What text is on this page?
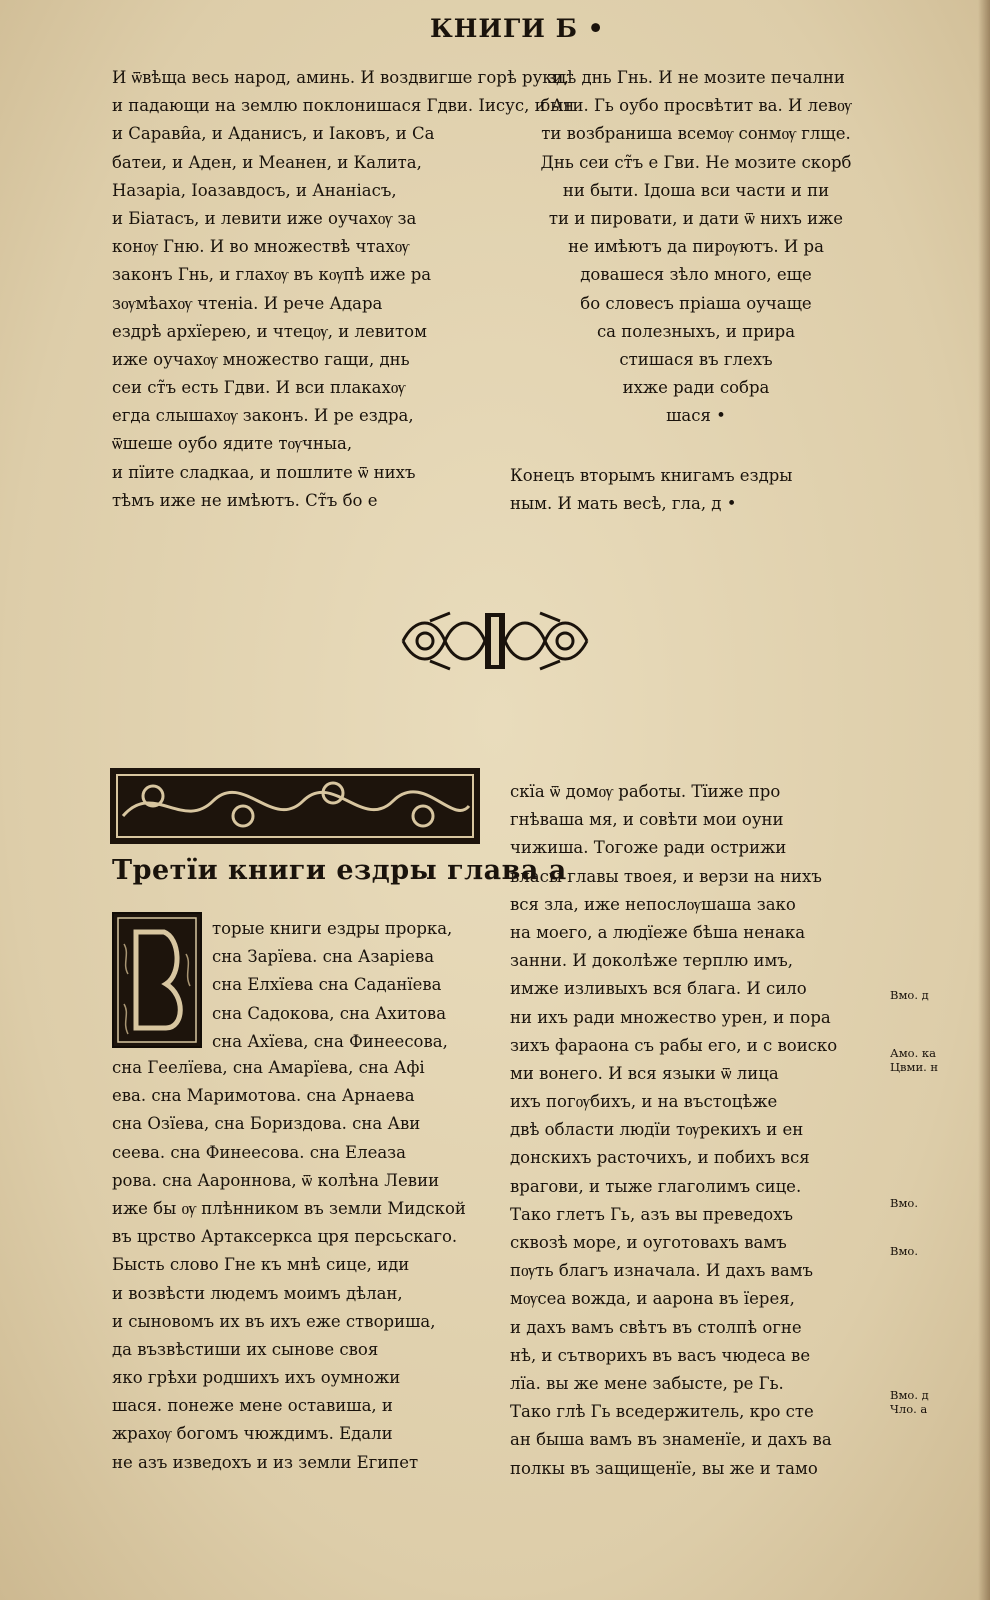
КНИГИ Б •
И ѿвѣща весь народ, аминь. И воздвигше горѣ руки,
и падающи на землю поклонишася Гдви. Іисус, и Ан
и Сарави̑а, и Аданисъ, и Іаковъ, и Са
батеи, и Аден, и Меанен, и Калита,
Назаріа, Іоазавдосъ, и Ананіасъ,
и Біатасъ, и левити иже оучахѹ за
конѹ Гню. И во множествѣ чтахѹ
законъ Гнь, и глахѹ въ кѹпѣ иже ра
зѹмѣахѹ чтеніа. И рече Адара
ездрѣ архїерею, и чтецѹ, и левитом
иже оучахѹ множество гащи, днь
сеи ст̃ъ есть Гдви. И вси плакахѹ
егда слышахѹ законъ. И ре ездра,
ѿшеше оубо ядите тѹчныа,
и пїите сладкаа, и пошлите ѿ нихъ
тѣмъ иже не имѣютъ. Ст̃ъ бо е
здѣ днь Гнь. И не мозите печални
быти. Гь оубо просвѣтит ва. И левѹ
ти возбраниша всемѹ сонмѹ глще.
Днь сеи ст̃ъ е Гви. Не мозите скорб
ни быти. Ідоша вси части и пи
ти и пировати, и дати ѿ нихъ иже
не имѣютъ да пирѹютъ. И ра
довашеся зѣло много, еще
бо словесъ пріаша оучаще
са полезныхъ, и прира
стишася въ глехъ
ихже ради собра
шася •
Конецъ вторымъ книгамъ ездры
ным. И мать весѣ, гла, д •
Третїи книги ездры глава а
торые книги ездры прорка,
сна Зарїева. сна Азаріева
сна Елхїева сна Саданїева
сна Садокова, сна Ахитова
сна Ахїева, сна Финеесова,
сна Геелїева, сна Амарїева, сна Афі
ева. сна Маримотова. сна Арнаева
сна Озїева, сна Бориздова. сна Ави
сеева. сна Финеесова. сна Елеаза
рова. сна Аароннова, ѿ колѣна Левии
иже бы ѹ плѣнником въ земли Мидской
въ црство Артаксеркса цря персьскаго.
Бысть слово Гне къ мнѣ сице, иди
и возвѣсти людемъ моимъ дѣлан,
и сыновомъ их въ ихъ еже створиша,
да възвѣстиши их сынове своя
яко грѣхи родшихъ ихъ оумножи
шася. понеже мене оставиша, и
жрахѹ богомъ чюждимъ. Едали
не азъ изведохъ и из земли Египет
скїа ѿ домѹ работы. Тїиже про
гнѣваша мя, и совѣти мои оуни
чижиша. Тогоже ради острижи
власы главы твоея, и верзи на нихъ
вся зла, иже непослѹшаша зако
на моего, а людїеже бѣша ненака
занни. И доколѣже терплю имъ,
имже изливыхъ вся блага. И сило
ни ихъ ради множество урен, и пора
зихъ фараона съ рабы его, и с воиско
ми вонего. И вся языки ѿ лица
ихъ погѹбихъ, и на въстоцѣже
двѣ области людїи тѹрекихъ и ен
донскихъ расточихъ, и побихъ вся
врагови, и тыже глаголимъ сице.
Тако глетъ Гь, азъ вы преведохъ
сквозѣ море, и оуготовахъ вамъ
пѹть благъ изначала. И дахъ вамъ
мѹсеа вожда, и аарона въ їерея,
и дахъ вамъ свѣтъ въ столпѣ огне
нѣ, и сътворихъ въ васъ чюдеса ве
лїа. вы же мене забысте, ре Гь.
Тако глѣ Гь вседержитель, кро сте
ан быша вамъ въ знаменїе, и дахъ ва
полкы въ защищенїе, вы же и тамо
Вмо. д
Амо. ка
Цвми. н
Вмо.
Вмо.
Вмо. д
Чло. а
